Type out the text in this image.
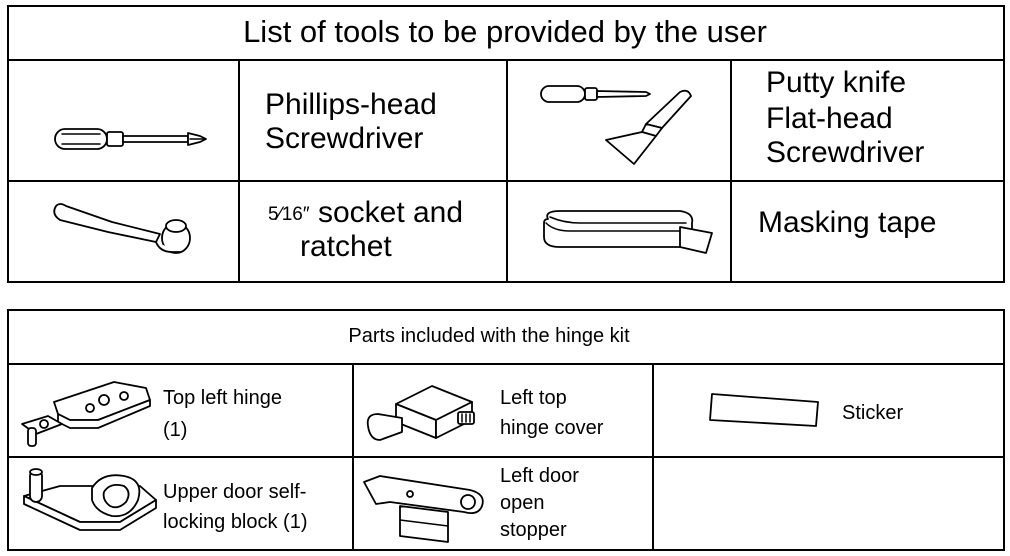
List of tools to be provided by the user
Phillips-head
Screwdriver
Putty knife
Flat-head
Screwdriver
5⁄16″ socket and
ratchet
Masking tape
Parts included with the hinge kit
Top left hinge
(1)
Left top
hinge cover
Sticker
Upper door self-
locking block (1)
Left door
open
stopper
